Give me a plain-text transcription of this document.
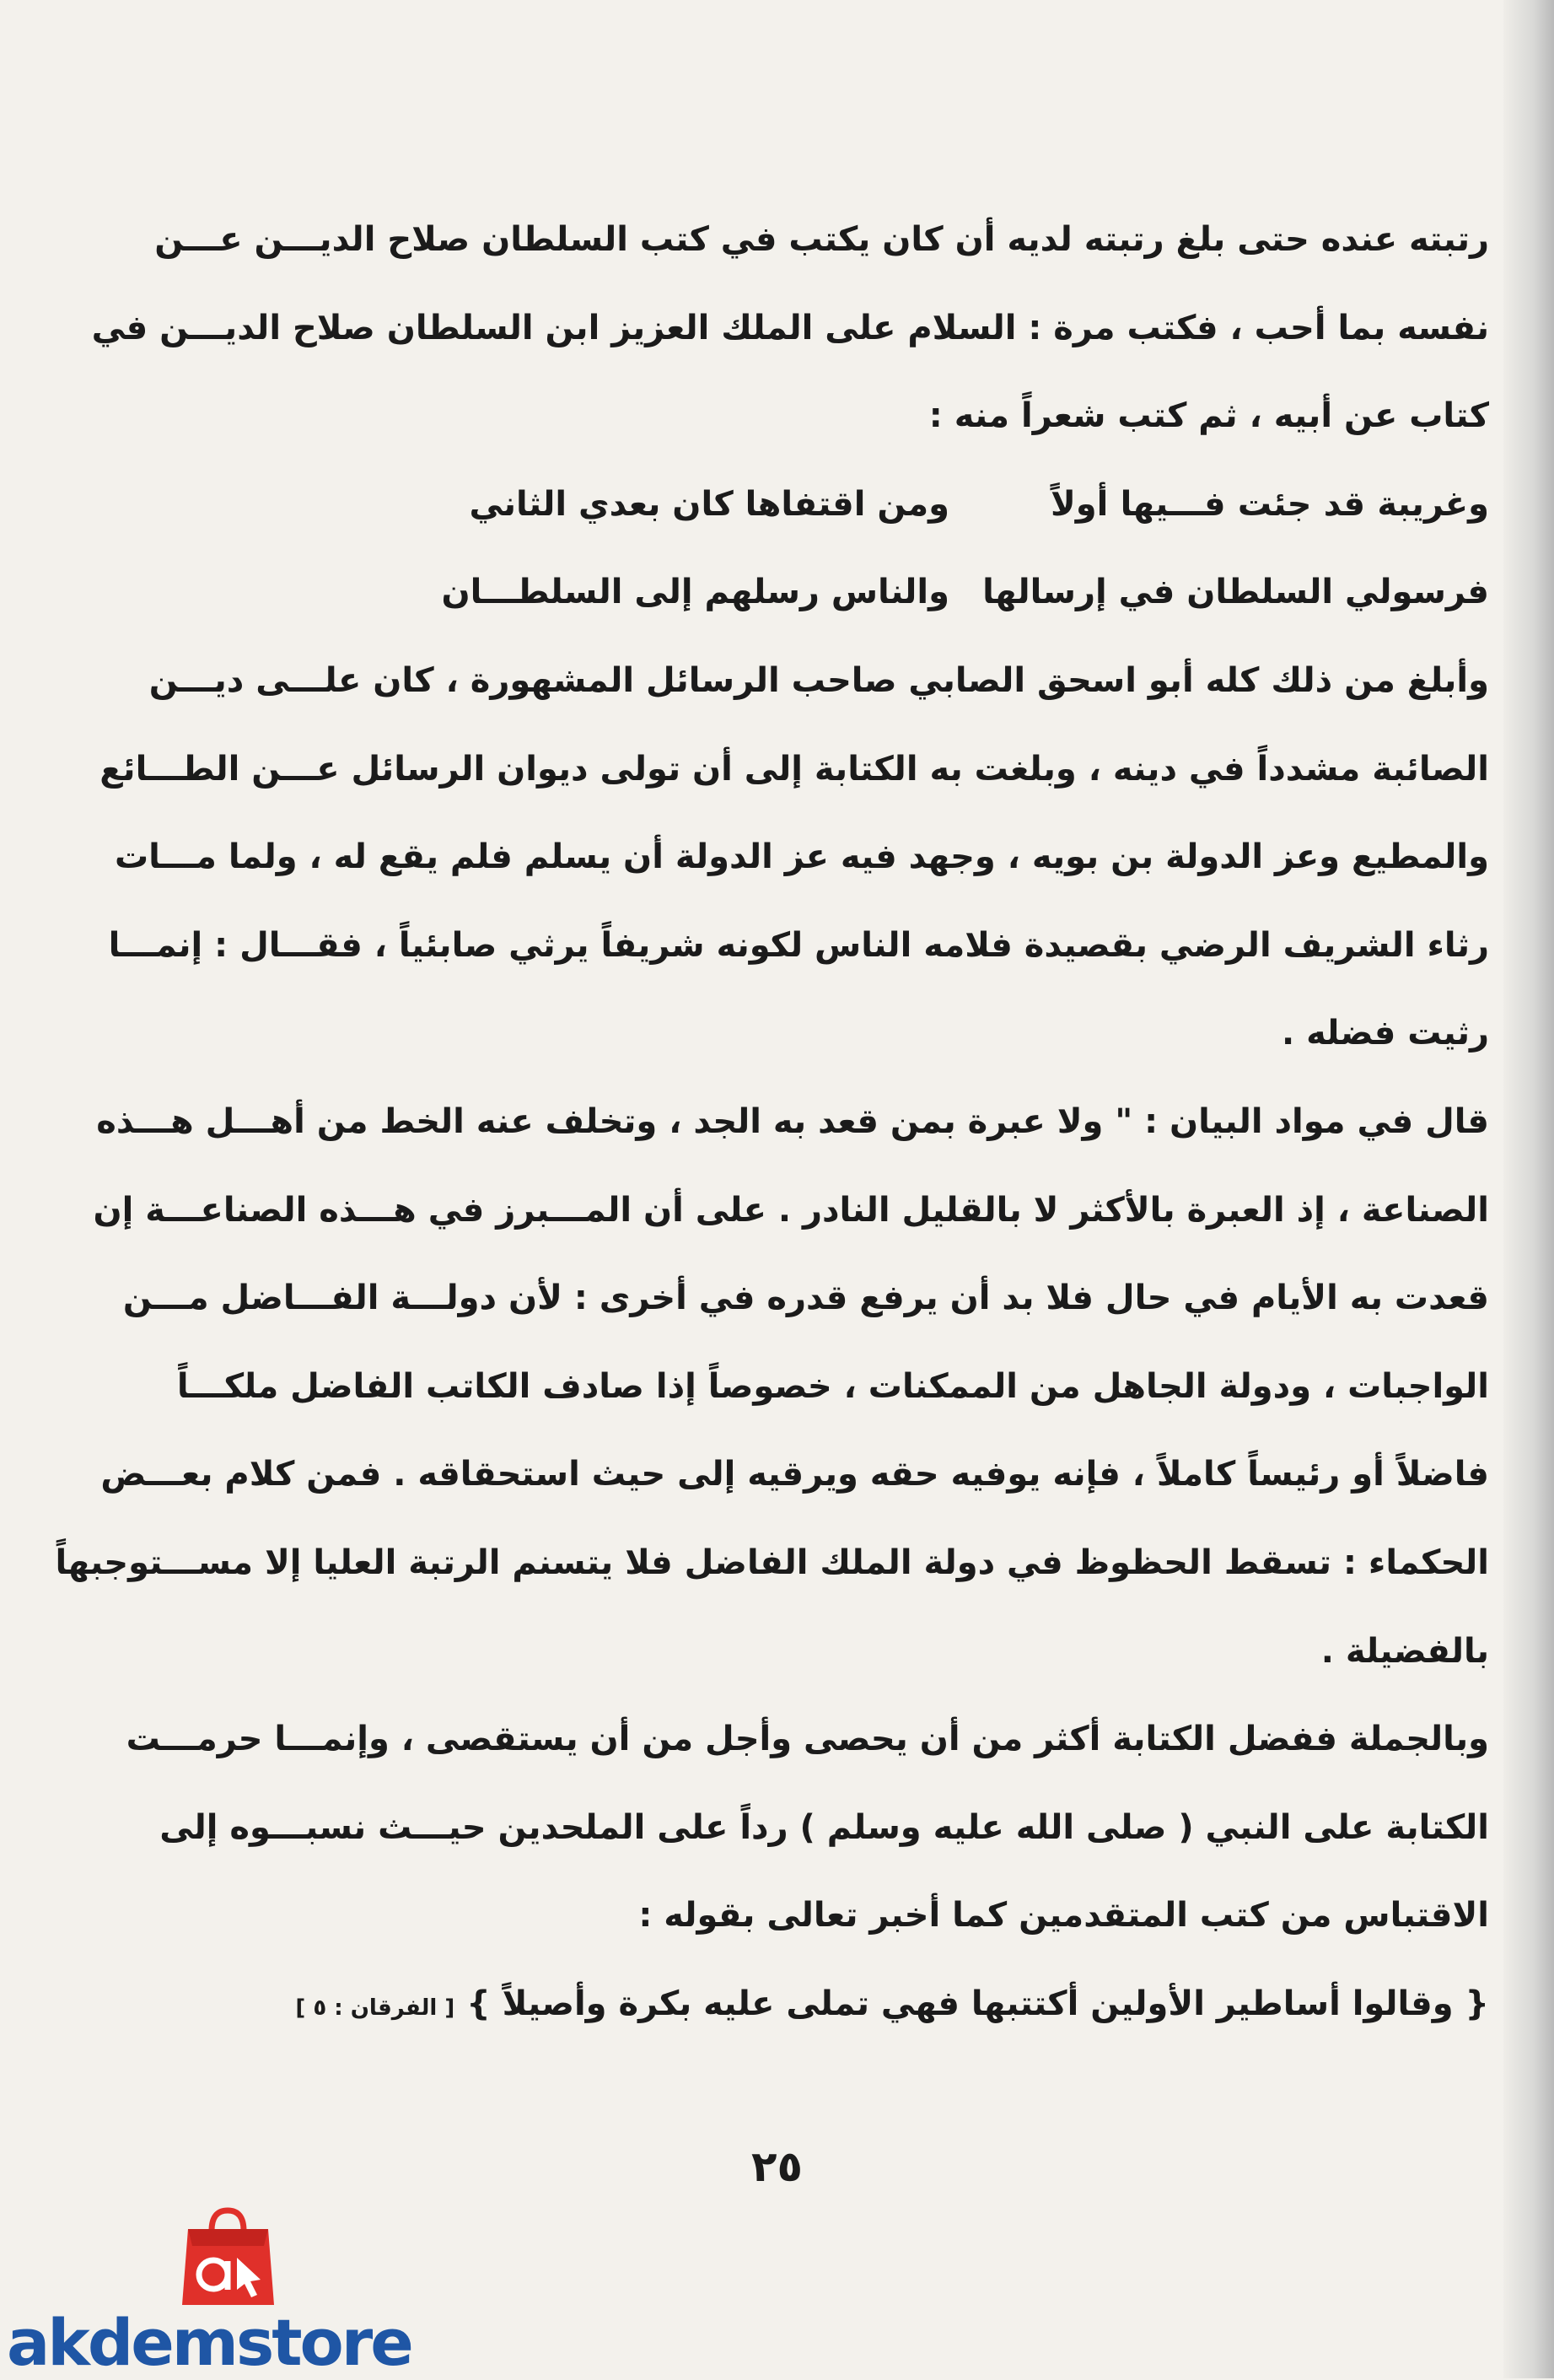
رتبته عنده حتى بلغ رتبته لديه أن كان يكتب في كتب السلطان صلاح الديـــن عـــن
نفسه بما أحب ، فكتب مرة : السلام على الملك العزيز ابن السلطان صلاح الديـــن في
كتاب عن أبيه ، ثم كتب شعراً منه :
وغريبة قد جئت فـــيها أولاً
ومن اقتفاها كان بعدي الثاني
فرسولي السلطان في إرسالها
والناس رسلهم إلى السلطـــان
وأبلغ من ذلك كله أبو اسحق الصابي صاحب الرسائل المشهورة ، كان علـــى ديـــن
الصائبة مشدداً في دينه ، وبلغت به الكتابة إلى أن تولى ديوان الرسائل عـــن الطـــائع
والمطيع وعز الدولة بن بويه ، وجهد فيه عز الدولة أن يسلم فلم يقع له ، ولما مـــات
رثاء الشريف الرضي بقصيدة فلامه الناس لكونه شريفاً يرثي صابئياً ، فقـــال : إنمـــا
رثيت فضله .
قال في مواد البيان : " ولا عبرة بمن قعد به الجد ، وتخلف عنه الخط من أهـــل هـــذه
الصناعة ، إذ العبرة بالأكثر لا بالقليل النادر . على أن المـــبرز في هـــذه الصناعـــة إن
قعدت به الأيام في حال فلا بد أن يرفع قدره في أخرى : لأن دولـــة الفـــاضل مـــن
الواجبات ، ودولة الجاهل من الممكنات ، خصوصاً إذا صادف الكاتب الفاضل ملكـــاً
فاضلاً أو رئيساً كاملاً ، فإنه يوفيه حقه ويرقيه إلى حيث استحقاقه . فمن كلام بعـــض
الحكماء : تسقط الحظوظ في دولة الملك الفاضل فلا يتسنم الرتبة العليا إلا مســـتوجبهاً
بالفضيلة .
وبالجملة ففضل الكتابة أكثر من أن يحصى وأجل من أن يستقصى ، وإنمـــا حرمـــت
الكتابة على النبي ( صلى الله عليه وسلم ) رداً على الملحدين حيـــث نسبـــوه إلى
الاقتباس من كتب المتقدمين كما أخبر تعالى بقوله :
{ وقالوا أساطير الأولين أكتتبها فهي تملى عليه بكرة وأصيلاً }[ الفرقان : ٥ ]
٢٥
akdemstore
